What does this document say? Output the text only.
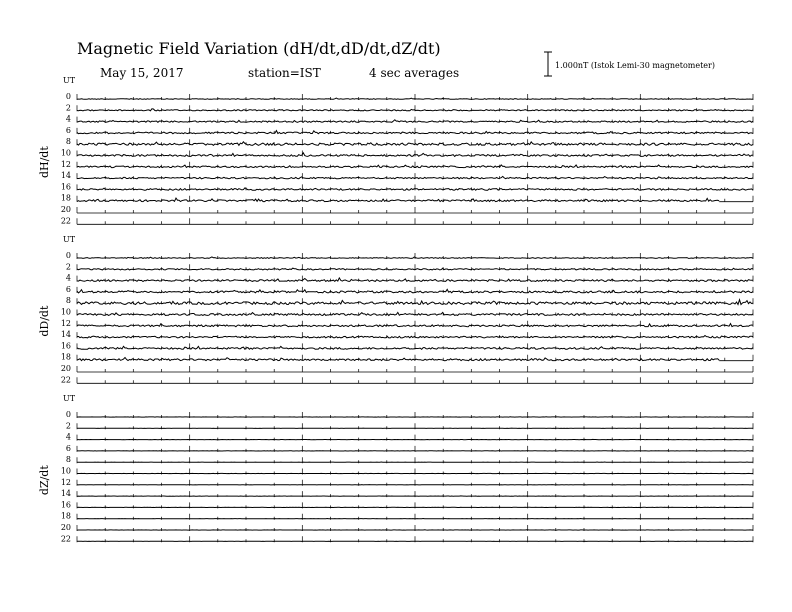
Magnetic Field Variation (dH/dt,dD/dt,dZ/dt)
May 15, 2017	station=IST	4 sec averages
1.000nT (Istok Lemi-30 magnetometer)
UT
dH/dt
0
2
4
6
8
10
12
14
16
18
20
22
UT
dD/dt
0
2
4
6
8
10
12
14
16
18
20
22
UT
dZ/dt
0
2
4
6
8
10
12
14
16
18
20
22
